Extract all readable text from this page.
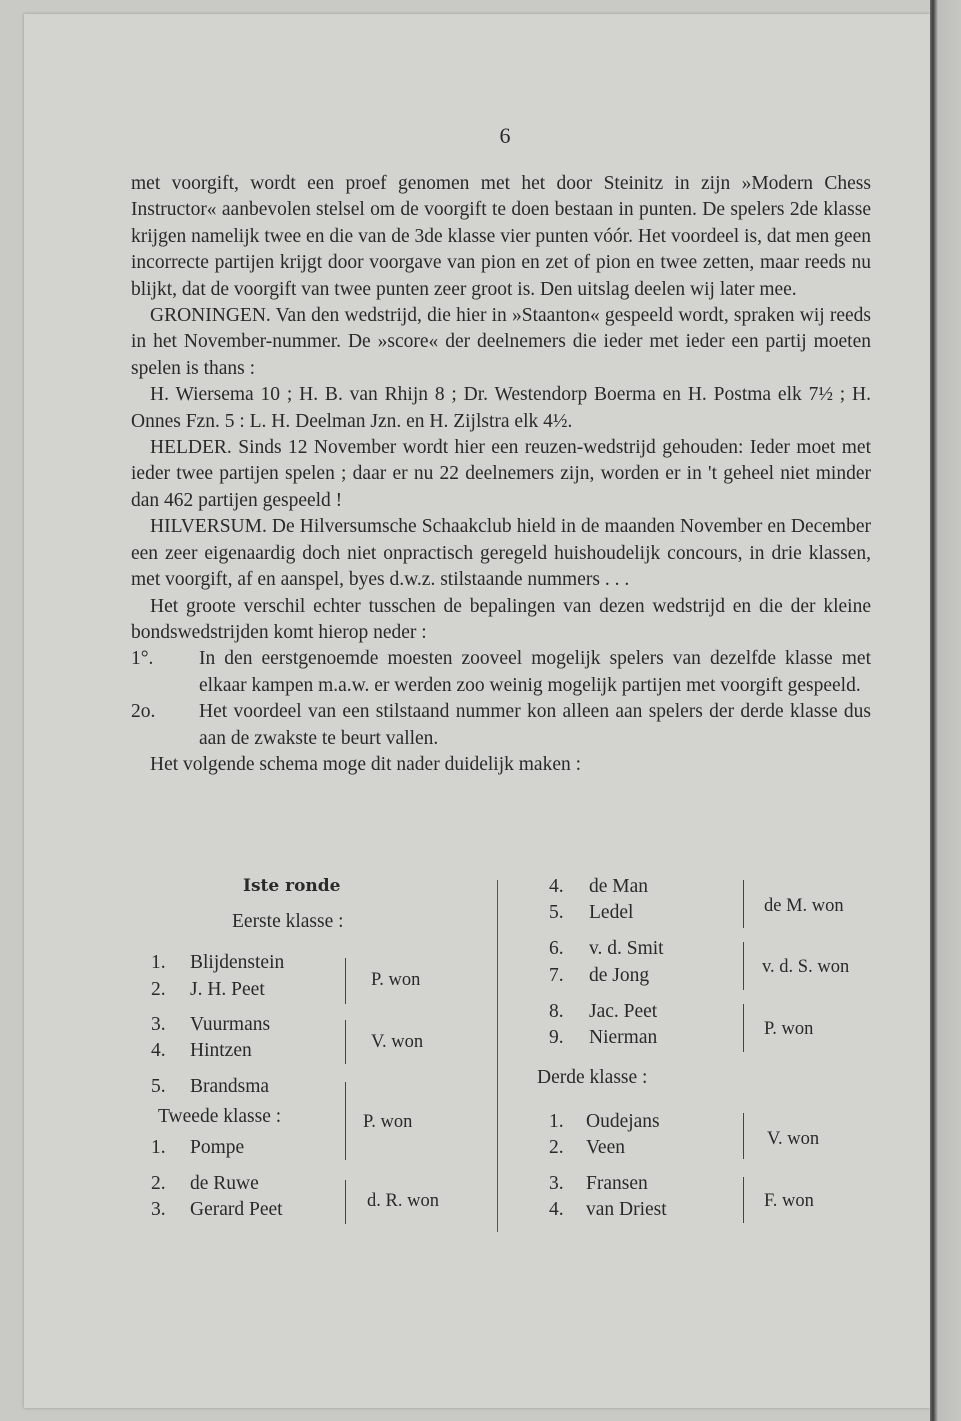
6

met voorgift, wordt een proef genomen met het door Steinitz in zijn »Modern Chess Instructor« aanbevolen stelsel om de voorgift te doen bestaan in punten. De spelers 2de klasse krijgen namelijk twee en die van de 3de klasse vier punten vóór. Het voordeel is, dat men geen incorrecte partijen krijgt door voorgave van pion en zet of pion en twee zetten, maar reeds nu blijkt, dat de voorgift van twee punten zeer groot is. Den uitslag deelen wij later mee.

GRONINGEN. Van den wedstrijd, die hier in »Staanton« gespeeld wordt, spraken wij reeds in het November-nummer. De »score« der deelnemers die ieder met ieder een partij moeten spelen is thans :

H. Wiersema 10 ; H. B. van Rhijn 8 ; Dr. Westendorp Boerma en H. Postma elk 7½ ; H. Onnes Fzn. 5 : L. H. Deelman Jzn. en H. Zijlstra elk 4½.

HELDER. Sinds 12 November wordt hier een reuzen-wedstrijd gehouden: Ieder moet met ieder twee partijen spelen ; daar er nu 22 deelnemers zijn, worden er in 't geheel niet minder dan 462 partijen gespeeld !

HILVERSUM. De Hilversumsche Schaakclub hield in de maanden November en December een zeer eigenaardig doch niet onpractisch geregeld huishoudelijk concours, in drie klassen, met voorgift, af en aanspel, byes d.w.z. stilstaande nummers . . .

Het groote verschil echter tusschen de bepalingen van dezen wedstrijd en die der kleine bondswedstrijden komt hierop neder :

1°.	In den eerstgenoemde moesten zooveel mogelijk spelers van dezelfde klasse met elkaar kampen m.a.w. er werden zoo weinig mogelijk partijen met voorgift gespeeld.
2o.	Het voordeel van een stilstaand nummer kon alleen aan spelers der derde klasse dus aan de zwakste te beurt vallen.

Het volgende schema moge dit nader duidelijk maken :

Iste ronde
Eerste klasse :
1. Blijdenstein
2. J. H. Peet
3. Vuurmans
4. Hintzen
5. Brandsma
Tweede klasse :
1. Pompe
2. de Ruwe
3. Gerard Peet
P. won
V. won
P. won
d. R. won
4. de Man
5. Ledel
6. v. d. Smit
7. de Jong
8. Jac. Peet
9. Nierman
Derde klasse :
1. Oudejans
2. Veen
3. Fransen
4. van Driest
de M. won
v. d. S. won
P. won
V. won
F. won
